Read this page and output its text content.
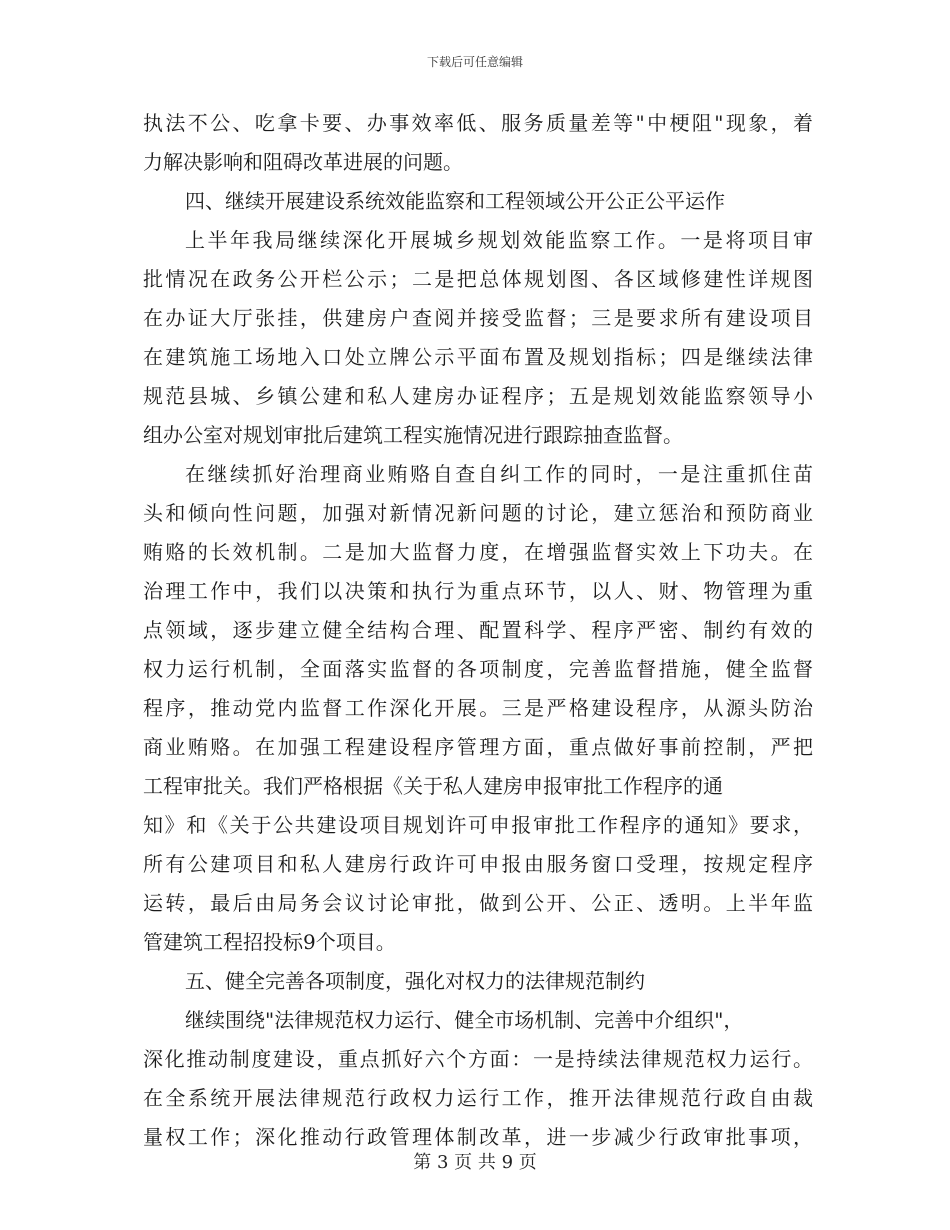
下载后可任意编辑
执法不公、吃拿卡要、办事效率低、服务质量差等"中梗阻"现象，着
力解决影响和阻碍改革进展的问题。
四、继续开展建设系统效能监察和工程领域公开公正公平运作
上半年我局继续深化开展城乡规划效能监察工作。一是将项目审
批情况在政务公开栏公示；二是把总体规划图、各区域修建性详规图
在办证大厅张挂，供建房户查阅并接受监督；三是要求所有建设项目
在建筑施工场地入口处立牌公示平面布置及规划指标；四是继续法律
规范县城、乡镇公建和私人建房办证程序；五是规划效能监察领导小
组办公室对规划审批后建筑工程实施情况进行跟踪抽查监督。
在继续抓好治理商业贿赂自查自纠工作的同时，一是注重抓住苗
头和倾向性问题，加强对新情况新问题的讨论，建立惩治和预防商业
贿赂的长效机制。二是加大监督力度，在增强监督实效上下功夫。在
治理工作中，我们以决策和执行为重点环节，以人、财、物管理为重
点领域，逐步建立健全结构合理、配置科学、程序严密、制约有效的
权力运行机制，全面落实监督的各项制度，完善监督措施，健全监督
程序，推动党内监督工作深化开展。三是严格建设程序，从源头防治
商业贿赂。在加强工程建设程序管理方面，重点做好事前控制，严把
工程审批关。我们严格根据《关于私人建房申报审批工作程序的通
知》和《关于公共建设项目规划许可申报审批工作程序的通知》要求，
所有公建项目和私人建房行政许可申报由服务窗口受理，按规定程序
运转，最后由局务会议讨论审批，做到公开、公正、透明。上半年监
管建筑工程招投标9个项目。
五、健全完善各项制度，强化对权力的法律规范制约
继续围绕"法律规范权力运行、健全市场机制、完善中介组织"，
深化推动制度建设，重点抓好六个方面：一是持续法律规范权力运行。
在全系统开展法律规范行政权力运行工作，推开法律规范行政自由裁
量权工作；深化推动行政管理体制改革，进一步减少行政审批事项，
第 3 页 共 9 页
